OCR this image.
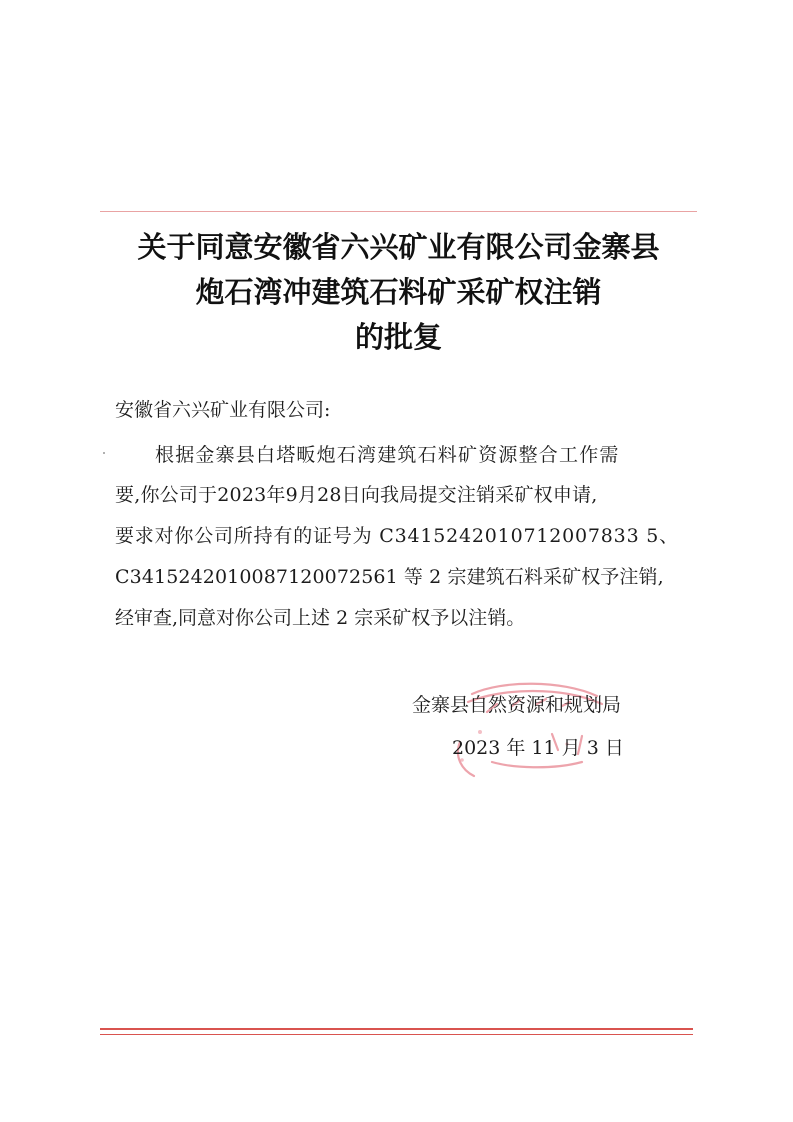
关于同意安徽省六兴矿业有限公司金寨县
炮石湾冲建筑石料矿采矿权注销
的批复
安徽省六兴矿业有限公司:
根据金寨县白塔畈炮石湾建筑石料矿资源整合工作需
要,你公司于2023年9月28日向我局提交注销采矿权申请,
要求对你公司所持有的证号为 C3415242010712007833 5、
C3415242010087120072561 等 2 宗建筑石料采矿权予注销,
经审查,同意对你公司上述 2 宗采矿权予以注销。
金寨县自然资源和规划局
2023 年 11 月 3 日
